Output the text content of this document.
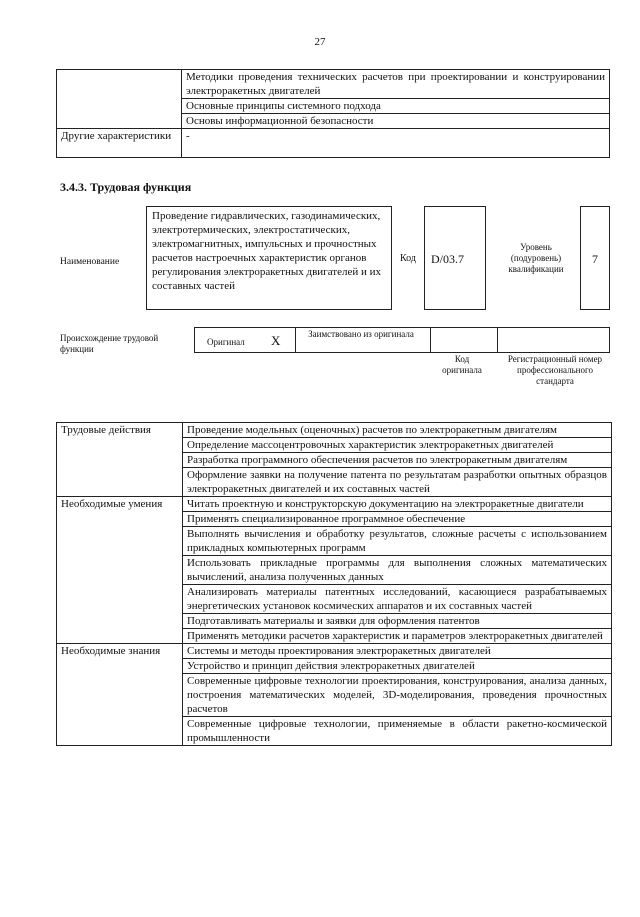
27
	Методики проведения технических расчетов при проектировании и конструировании электроракетных двигателей
	Основные принципы системного подхода
	Основы информационной безопасности
Другие характеристики	-
3.4.3. Трудовая функция
Наименование
Проведение гидравлических, газодинамических, электротермических, электростатических, электромагнитных, импульсных и прочностных расчетов настроечных характеристик органов регулирования электроракетных двигателей и их составных частей
Код	D/03.7
Уровень (подуровень) квалификации
7
Происхождение трудовой функции
Оригинал X	Заимствовано из оригинала
Код оригинала
Регистрационный номер профессионального стандарта
Трудовые действия	Проведение модельных (оценочных) расчетов по электроракетным двигателям
	Определение массоцентровочных характеристик электроракетных двигателей
	Разработка программного обеспечения расчетов по электроракетным двигателям
	Оформление заявки на получение патента по результатам разработки опытных образцов электроракетных двигателей и их составных частей
Необходимые умения	Читать проектную и конструкторскую документацию на электроракетные двигатели
	Применять специализированное программное обеспечение
	Выполнять вычисления и обработку результатов, сложные расчеты с использованием прикладных компьютерных программ
	Использовать прикладные программы для выполнения сложных математических вычислений, анализа полученных данных
	Анализировать материалы патентных исследований, касающиеся разрабатываемых энергетических установок космических аппаратов и их составных частей
	Подготавливать материалы и заявки для оформления патентов
	Применять методики расчетов характеристик и параметров электроракетных двигателей
Необходимые знания	Системы и методы проектирования электроракетных двигателей
	Устройство и принцип действия электроракетных двигателей
	Современные цифровые технологии проектирования, конструирования, анализа данных, построения математических моделей, 3D-моделирования, проведения прочностных расчетов
	Современные цифровые технологии, применяемые в области ракетно-космической промышленности
